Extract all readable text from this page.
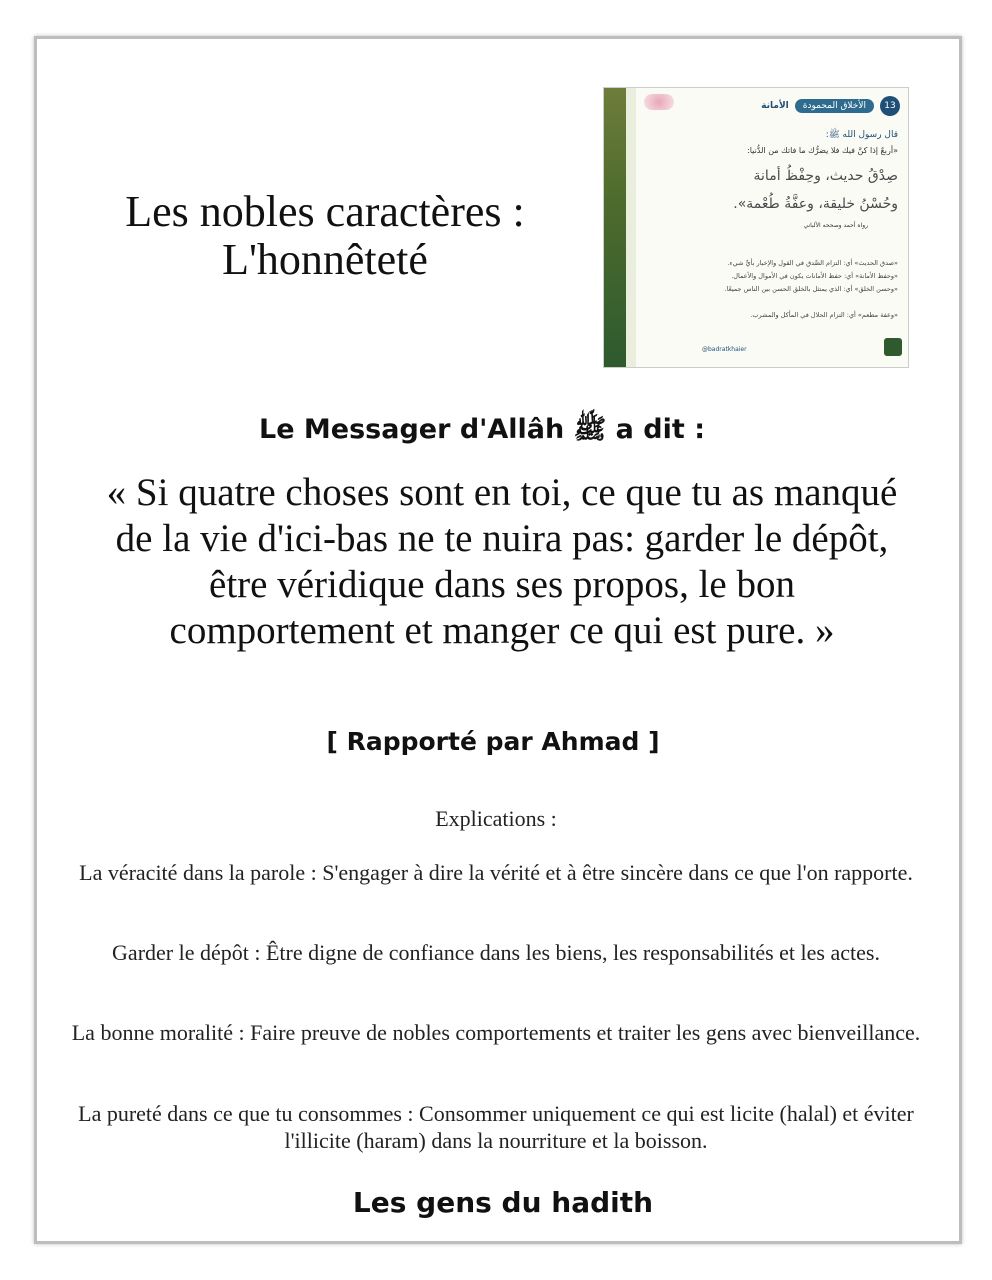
Les nobles caractères :
L'honnêteté
الأمانة	الأخلاق المحمودة	13
قال رسول الله ﷺ:
«أربعٌ إذا كنَّ فيك فلا يضرُّك ما فاتك من الدُّنيا:
صِدْقُ حديث، وحِفْظُ أمانة
وحُسْنُ خليقة، وعفَّةُ طُعْمة».
رواه أحمد وصححه الألباني
«صدق الحديث» أي: التزام الصِّدق في القول والإخبار بأيِّ شيء.
«وحفظ الأمانة» أي: حفظ الأمانات يكون في الأموال والأعمال.
«وحسن الخلق» أي: الذي يمتثل بالخلق الحسن بين الناس جميعًا.
«وعفة مطعم» أي: التزام الحلال في المأكل والمشرب.
@badratkhaier
Le Messager d'Allâh ﷺ a dit :
« Si quatre choses sont en toi, ce que tu as manqué de la vie d'ici-bas ne te nuira pas: garder le dépôt, être véridique dans ses propos, le bon comportement et manger ce qui est pure. »
[ Rapporté par Ahmad ]
Explications :
La véracité dans la parole : S'engager à dire la vérité et à être sincère dans ce que l'on rapporte.
Garder le dépôt : Être digne de confiance dans les biens, les responsabilités et les actes.
La bonne moralité : Faire preuve de nobles comportements et traiter les gens avec bienveillance.
La pureté dans ce que tu consommes : Consommer uniquement ce qui est licite (halal) et éviter l'illicite (haram) dans la nourriture et la boisson.
Les gens du hadith
